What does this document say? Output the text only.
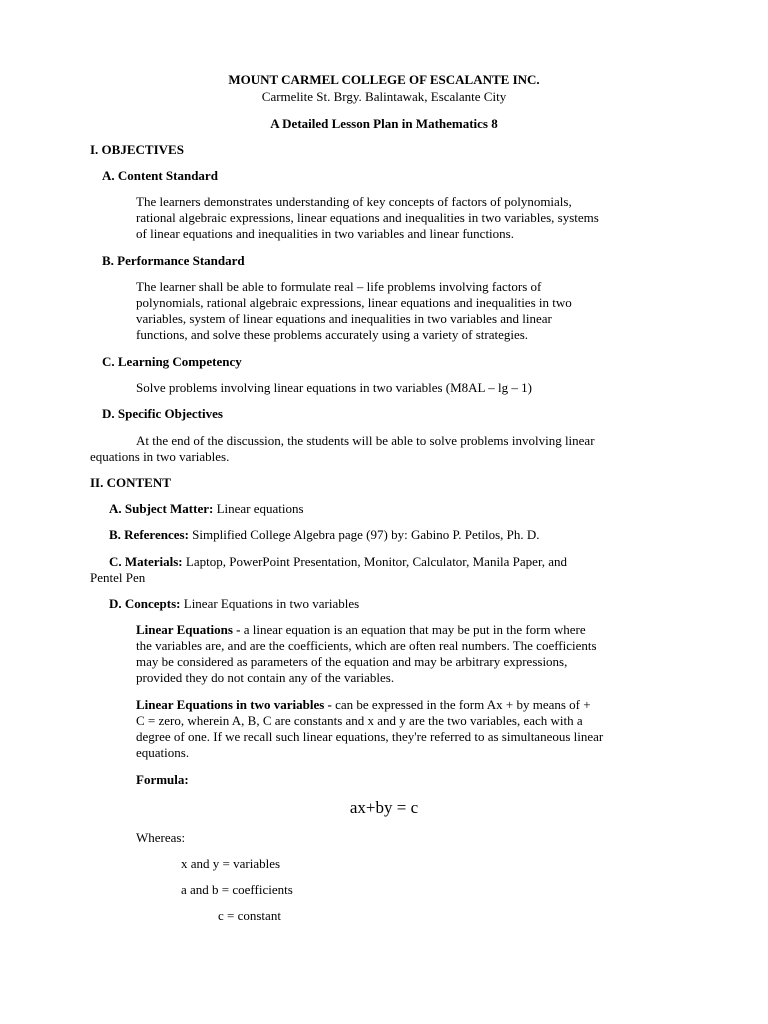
MOUNT CARMEL COLLEGE OF ESCALANTE INC.

Carmelite St. Brgy. Balintawak, Escalante City

A Detailed Lesson Plan in Mathematics 8

I. OBJECTIVES

A. Content Standard

The learners demonstrates understanding of key concepts of factors of polynomials,
rational algebraic expressions, linear equations and inequalities in two variables, systems
of linear equations and inequalities in two variables and linear functions.

B. Performance Standard

The learner shall be able to formulate real – life problems involving factors of
polynomials, rational algebraic expressions, linear equations and inequalities in two
variables, system of linear equations and inequalities in two variables and linear
functions, and solve these problems accurately using a variety of strategies.

C. Learning Competency

Solve problems involving linear equations in two variables (M8AL – lg – 1)

D. Specific Objectives

At the end of the discussion, the students will be able to solve problems involving linear

equations in two variables.

II. CONTENT

A. Subject Matter: Linear equations

B. References: Simplified College Algebra page (97) by: Gabino P. Petilos, Ph. D.

C. Materials: Laptop, PowerPoint Presentation, Monitor, Calculator, Manila Paper, and

Pentel Pen

D. Concepts: Linear Equations in two variables

Linear Equations - a linear equation is an equation that may be put in the form where
the variables are, and are the coefficients, which are often real numbers. The coefficients
may be considered as parameters of the equation and may be arbitrary expressions,
provided they do not contain any of the variables.
Linear Equations in two variables - can be expressed in the form Ax + by means of +
C = zero, wherein A, B, C are constants and x and y are the two variables, each with a
degree of one. If we recall such linear equations, they're referred to as simultaneous linear
equations.

Formula:

ax+by = c

Whereas:

x and y = variables

a and b = coefficients

c = constant
